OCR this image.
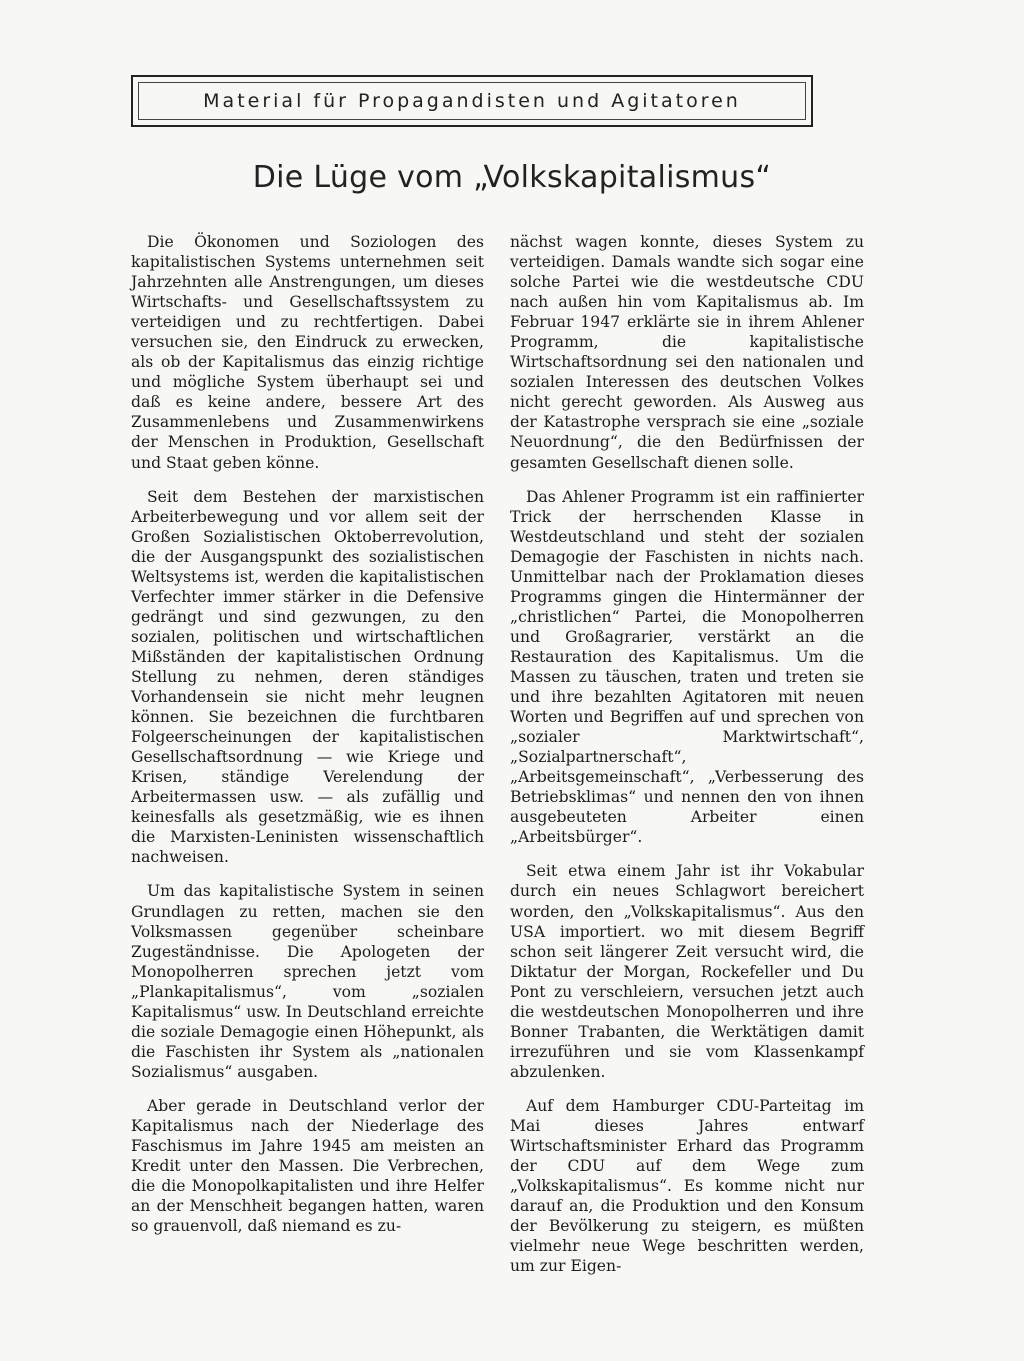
Material für Propagandisten und Agitatoren
Die Lüge vom „Volkskapitalismus“

Die Ökonomen und Soziologen des kapitalistischen Systems unternehmen seit Jahrzehnten alle Anstrengungen, um dieses Wirtschafts- und Gesellschaftssystem zu verteidigen und zu rechtfertigen. Dabei versuchen sie, den Eindruck zu erwecken, als ob der Kapitalismus das einzig richtige und mögliche System überhaupt sei und daß es keine andere, bessere Art des Zusammenlebens und Zusammenwirkens der Menschen in Produktion, Gesellschaft und Staat geben könne.

Seit dem Bestehen der marxistischen Arbeiterbewegung und vor allem seit der Großen Sozialistischen Oktoberrevolution, die der Ausgangspunkt des sozialistischen Weltsystems ist, werden die kapitalistischen Verfechter immer stärker in die Defensive gedrängt und sind gezwungen, zu den sozialen, politischen und wirtschaftlichen Mißständen der kapitalistischen Ordnung Stellung zu nehmen, deren ständiges Vorhandensein sie nicht mehr leugnen können. Sie bezeichnen die furchtbaren Folgeerscheinungen der kapitalistischen Gesellschaftsordnung — wie Kriege und Krisen, ständige Verelendung der Arbeitermassen usw. — als zufällig und keinesfalls als gesetzmäßig, wie es ihnen die Marxisten-Leninisten wissenschaftlich nachweisen.

Um das kapitalistische System in seinen Grundlagen zu retten, machen sie den Volksmassen gegenüber scheinbare Zugeständnisse. Die Apologeten der Monopolherren sprechen jetzt vom „Plankapitalismus“, vom „sozialen Kapitalismus“ usw. In Deutschland erreichte die soziale Demagogie einen Höhepunkt, als die Faschisten ihr System als „nationalen Sozialismus“ ausgaben.

Aber gerade in Deutschland verlor der Kapitalismus nach der Niederlage des Faschismus im Jahre 1945 am meisten an Kredit unter den Massen. Die Verbrechen, die die Monopolkapitalisten und ihre Helfer an der Menschheit begangen hatten, waren so grauenvoll, daß niemand es zu-

nächst wagen konnte, dieses System zu verteidigen. Damals wandte sich sogar eine solche Partei wie die westdeutsche CDU nach außen hin vom Kapitalismus ab. Im Februar 1947 erklärte sie in ihrem Ahlener Programm, die kapitalistische Wirtschaftsordnung sei den nationalen und sozialen Interessen des deutschen Volkes nicht gerecht geworden. Als Ausweg aus der Katastrophe versprach sie eine „soziale Neuordnung“, die den Bedürfnissen der gesamten Gesellschaft dienen solle.

Das Ahlener Programm ist ein raffinierter Trick der herrschenden Klasse in Westdeutschland und steht der sozialen Demagogie der Faschisten in nichts nach. Unmittelbar nach der Proklamation dieses Programms gingen die Hintermänner der „christlichen“ Partei, die Monopolherren und Großagrarier, verstärkt an die Restauration des Kapitalismus. Um die Massen zu täuschen, traten und treten sie und ihre bezahlten Agitatoren mit neuen Worten und Begriffen auf und sprechen von „sozialer Marktwirtschaft“, „Sozialpartnerschaft“, „Arbeitsgemeinschaft“, „Verbesserung des Betriebsklimas“ und nennen den von ihnen ausgebeuteten Arbeiter einen „Arbeitsbürger“.

Seit etwa einem Jahr ist ihr Vokabular durch ein neues Schlagwort bereichert worden, den „Volkskapitalismus“. Aus den USA importiert. wo mit diesem Begriff schon seit längerer Zeit versucht wird, die Diktatur der Morgan, Rockefeller und Du Pont zu verschleiern, versuchen jetzt auch die westdeutschen Monopolherren und ihre Bonner Trabanten, die Werktätigen damit irrezuführen und sie vom Klassenkampf abzulenken.

Auf dem Hamburger CDU-Parteitag im Mai dieses Jahres entwarf Wirtschaftsminister Erhard das Programm der CDU auf dem Wege zum „Volkskapitalismus“. Es komme nicht nur darauf an, die Produktion und den Konsum der Bevölkerung zu steigern, es müßten vielmehr neue Wege beschritten werden, um zur Eigen-
